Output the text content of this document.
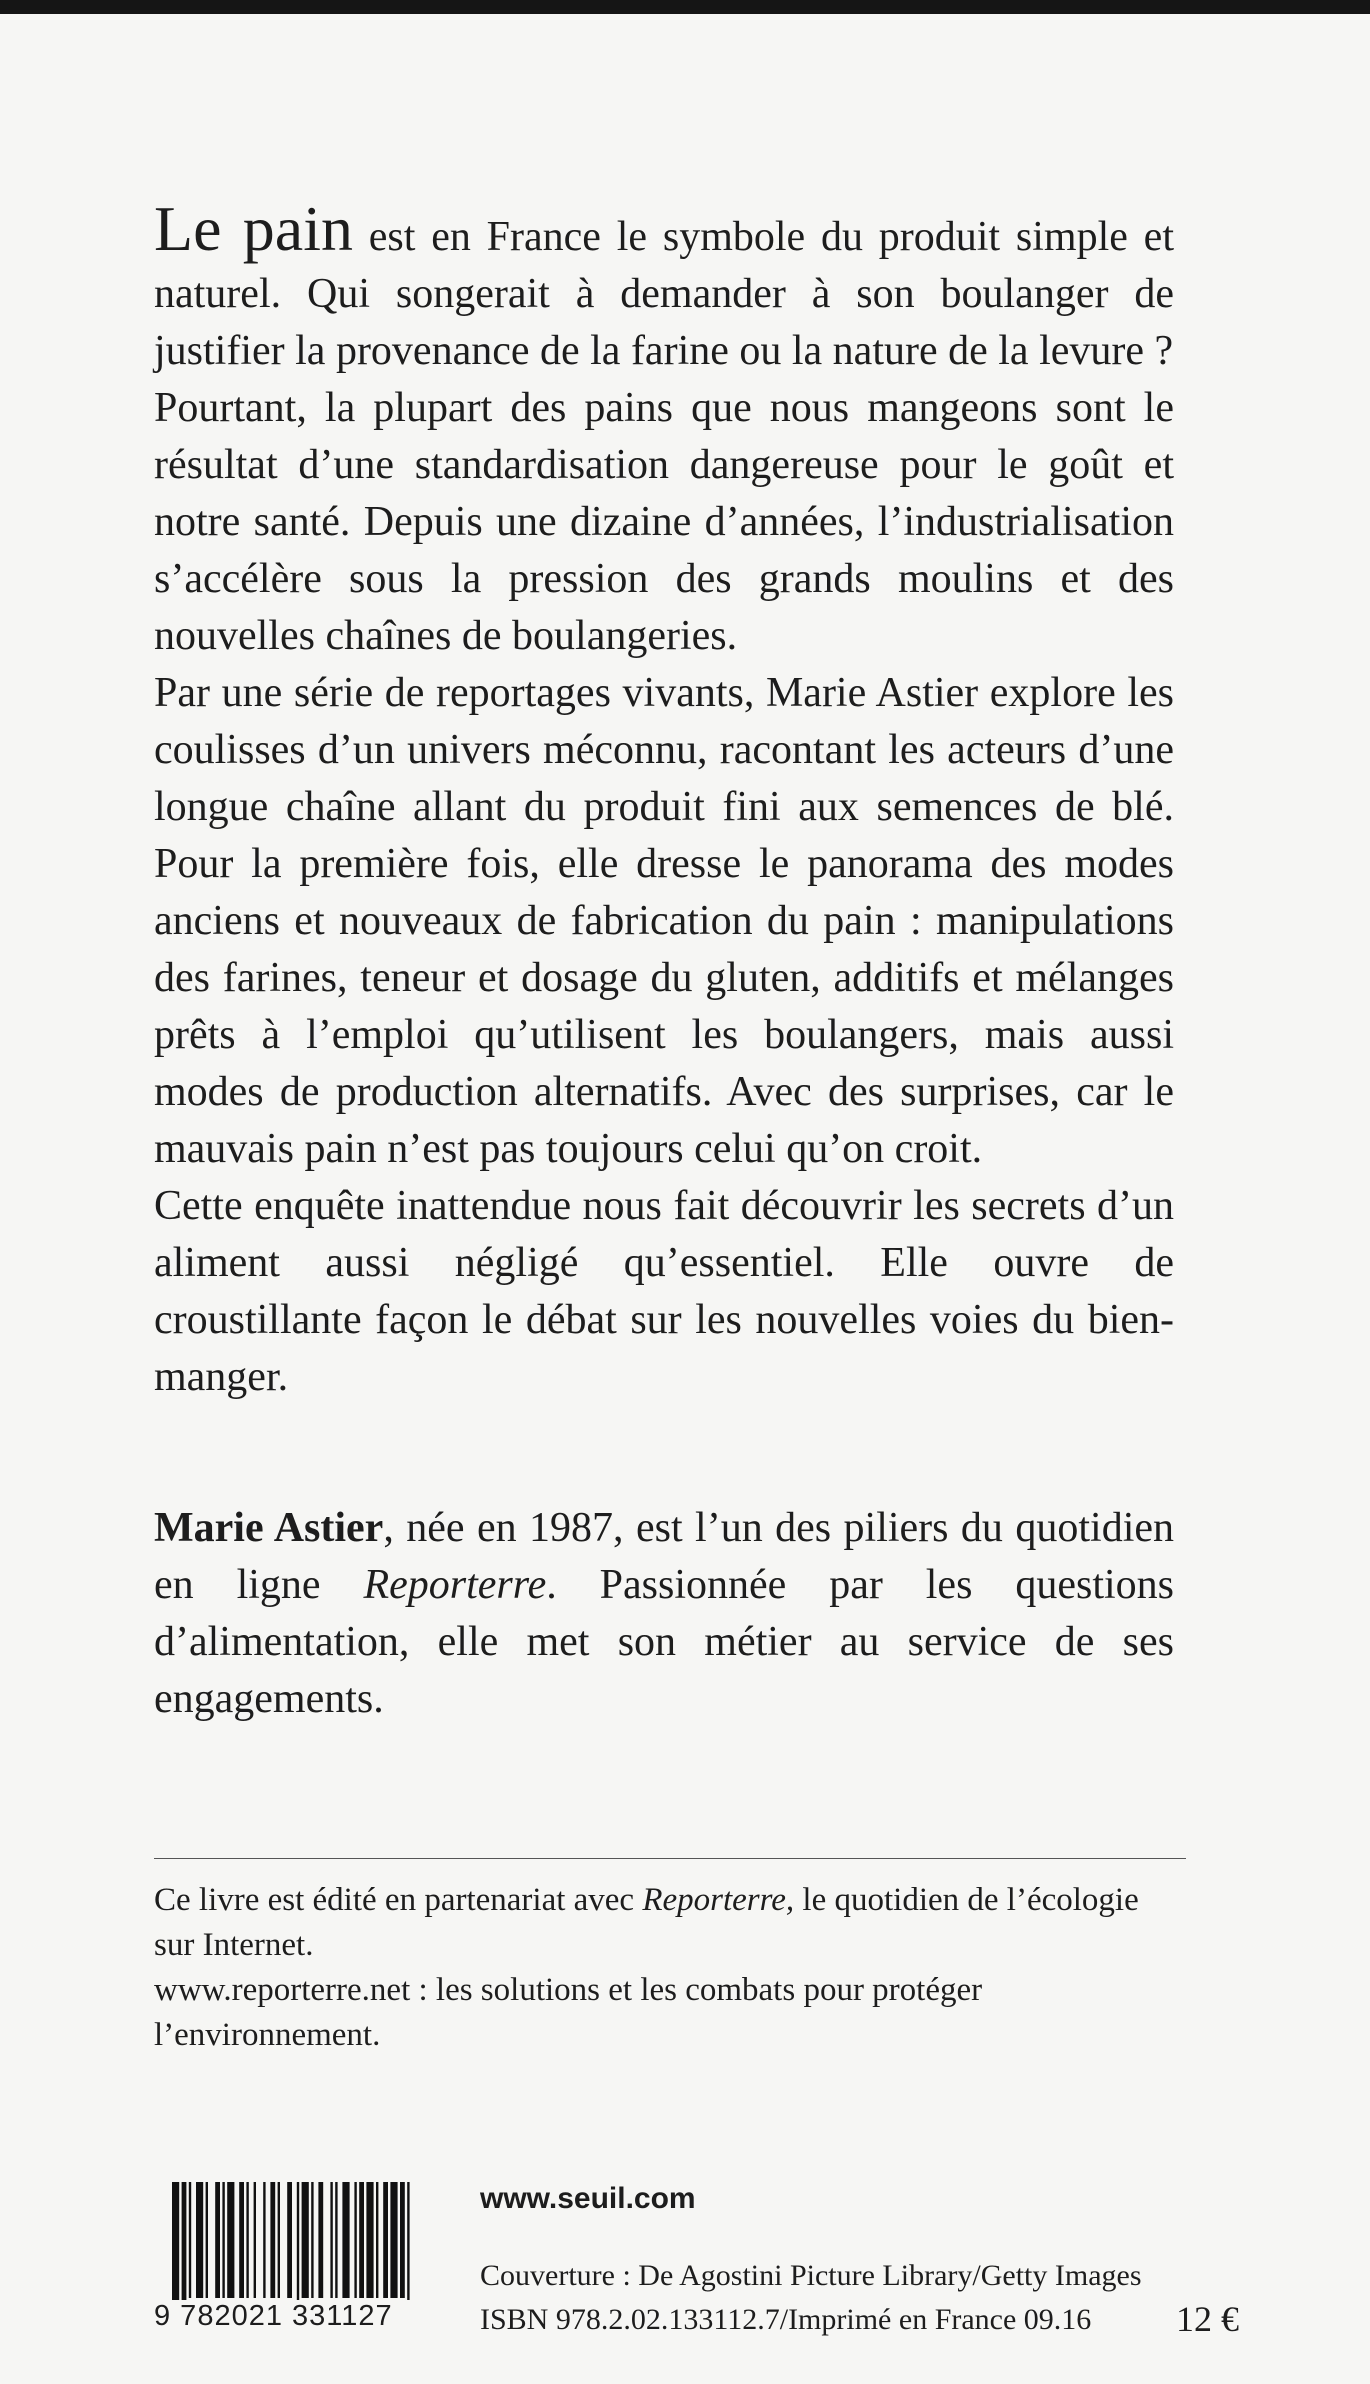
Le pain est en France le symbole du produit simple et naturel. Qui songerait à demander à son boulanger de justifier la provenance de la farine ou la nature de la levure ?

Pourtant, la plupart des pains que nous mangeons sont le résultat d’une standardisation dangereuse pour le goût et notre santé. Depuis une dizaine d’années, l’industrialisation s’accélère sous la pression des grands moulins et des nouvelles chaînes de boulangeries.

Par une série de reportages vivants, Marie Astier explore les coulisses d’un univers méconnu, racontant les acteurs d’une longue chaîne allant du produit fini aux semences de blé. Pour la première fois, elle dresse le panorama des modes anciens et nouveaux de fabrication du pain : manipulations des farines, teneur et dosage du gluten, additifs et mélanges prêts à l’emploi qu’utilisent les boulangers, mais aussi modes de production alternatifs. Avec des surprises, car le mauvais pain n’est pas toujours celui qu’on croit.

Cette enquête inattendue nous fait découvrir les secrets d’un aliment aussi négligé qu’essentiel. Elle ouvre de croustillante façon le débat sur les nouvelles voies du bien-manger.

Marie Astier, née en 1987, est l’un des piliers du quotidien en ligne Reporterre. Passionnée par les questions d’alimentation, elle met son métier au service de ses engagements.

Ce livre est édité en partenariat avec Reporterre, le quotidien de l’écologie sur Internet.

www.reporterre.net : les solutions et les combats pour protéger l’environnement.

9 782021 331127
www.seuil.com

Couverture : De Agostini Picture Library/Getty Images

ISBN 978.2.02.133112.7/Imprimé en France 09.16	12 €
